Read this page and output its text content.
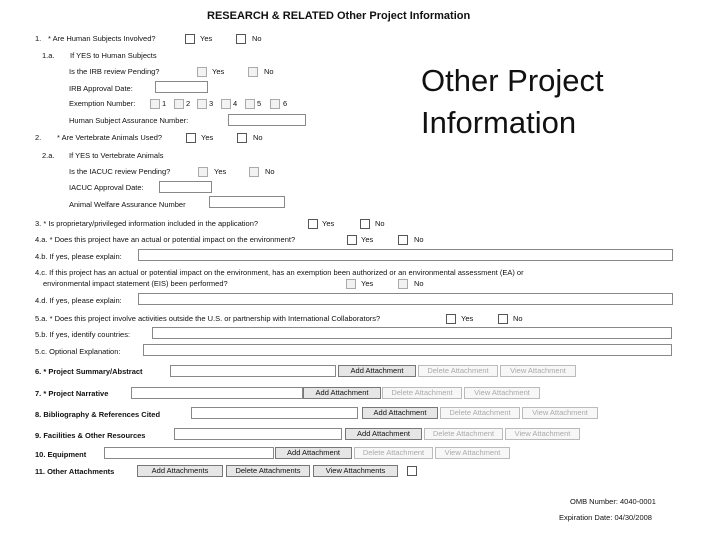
RESEARCH & RELATED Other Project Information
Other Project
Information
1. * Are Human Subjects Involved?	Yes	No
1.a. If YES to Human Subjects
Is the IRB review Pending?	Yes	No
IRB Approval Date:
Exemption Number:	1	2	3	4	5	6
Human Subject Assurance Number:
2. * Are Vertebrate Animals Used?	Yes	No
2.a. If YES to Vertebrate Animals
Is the IACUC review Pending?	Yes	No
IACUC Approval Date:
Animal Welfare Assurance Number
3. * Is proprietary/privileged information included in the application?	Yes	No
4.a. * Does this project have an actual or potential impact on the environment?	Yes	No
4.b. If yes, please explain:
4.c. If this project has an actual or potential impact on the environment, has an exemption been authorized or an environmental assessment (EA) or
environmental impact statement (EIS) been performed?	Yes	No
4.d. If yes, please explain:
5.a. * Does this project involve activities outside the U.S. or partnership with International Collaborators?	Yes	No
5.b. If yes, identify countries:
5.c. Optional Explanation:
6. * Project Summary/Abstract	Add Attachment	Delete Attachment	View Attachment
7. * Project Narrative	Add Attachment	Delete Attachment	View Attachment
8. Bibliography & References Cited	Add Attachment	Delete Attachment	View Attachment
9. Facilities & Other Resources	Add Attachment	Delete Attachment	View Attachment
10. Equipment	Add Attachment	Delete Attachment	View Attachment
11. Other Attachments	Add Attachments	Delete Attachments	View Attachments
OMB Number: 4040-0001
Expiration Date: 04/30/2008
